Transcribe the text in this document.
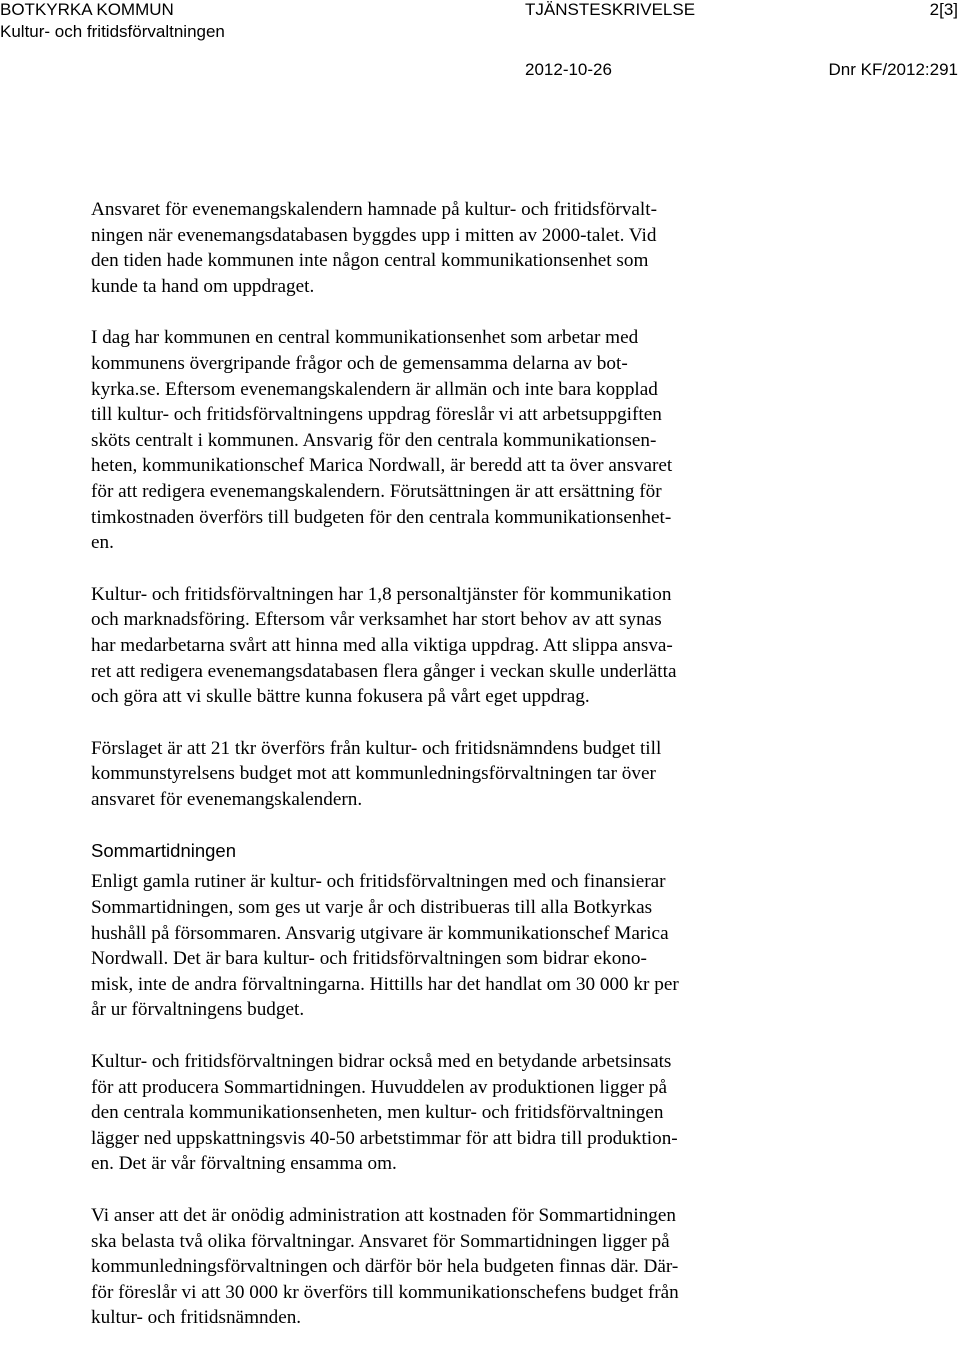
BOTKYRKA KOMMUN
Kultur- och fritidsförvaltningen
TJÄNSTESKRIVELSE	2[3]
2012-10-26	Dnr KF/2012:291
Ansvaret för evenemangskalendern hamnade på kultur- och fritidsförvalt-
ningen när evenemangsdatabasen byggdes upp i mitten av 2000-talet. Vid
den tiden hade kommunen inte någon central kommunikationsenhet som
kunde ta hand om uppdraget.
I dag har kommunen en central kommunikationsenhet som arbetar med
kommunens övergripande frågor och de gemensamma delarna av bot-
kyrka.se. Eftersom evenemangskalendern är allmän och inte bara kopplad
till kultur- och fritidsförvaltningens uppdrag föreslår vi att arbetsuppgiften
sköts centralt i kommunen. Ansvarig för den centrala kommunikationsen-
heten, kommunikationschef Marica Nordwall, är beredd att ta över ansvaret
för att redigera evenemangskalendern. Förutsättningen är att ersättning för
timkostnaden överförs till budgeten för den centrala kommunikationsenhet-
en.
Kultur- och fritidsförvaltningen har 1,8 personaltjänster för kommunikation
och marknadsföring. Eftersom vår verksamhet har stort behov av att synas
har medarbetarna svårt att hinna med alla viktiga uppdrag. Att slippa ansva-
ret att redigera evenemangsdatabasen flera gånger i veckan skulle underlätta
och göra att vi skulle bättre kunna fokusera på vårt eget uppdrag.
Förslaget är att 21 tkr överförs från kultur- och fritidsnämndens budget till
kommunstyrelsens budget mot att kommunledningsförvaltningen tar över
ansvaret för evenemangskalendern.
Sommartidningen
Enligt gamla rutiner är kultur- och fritidsförvaltningen med och finansierar
Sommartidningen, som ges ut varje år och distribueras till alla Botkyrkas
hushåll på försommaren. Ansvarig utgivare är kommunikationschef Marica
Nordwall. Det är bara kultur- och fritidsförvaltningen som bidrar ekono-
misk, inte de andra förvaltningarna. Hittills har det handlat om 30 000 kr per
år ur förvaltningens budget.
Kultur- och fritidsförvaltningen bidrar också med en betydande arbetsinsats
för att producera Sommartidningen. Huvuddelen av produktionen ligger på
den centrala kommunikationsenheten, men kultur- och fritidsförvaltningen
lägger ned uppskattningsvis 40-50 arbetstimmar för att bidra till produktion-
en. Det är vår förvaltning ensamma om.
Vi anser att det är onödig administration att kostnaden för Sommartidningen
ska belasta två olika förvaltningar. Ansvaret för Sommartidningen ligger på
kommunledningsförvaltningen och därför bör hela budgeten finnas där. Där-
för föreslår vi att 30 000 kr överförs till kommunikationschefens budget från
kultur- och fritidsnämnden.
